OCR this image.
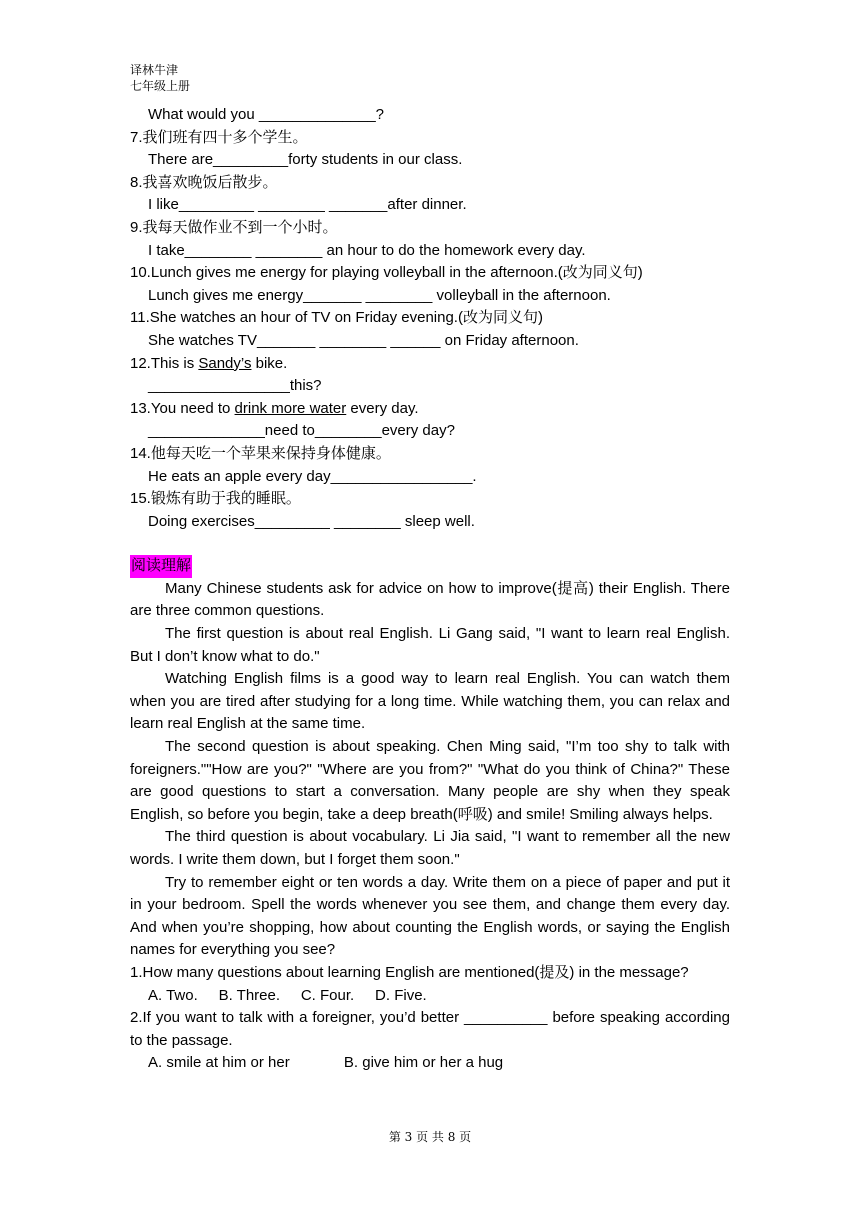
译林牛津
七年级上册
What would you ______________?
7.我们班有四十多个学生。
There are_________forty students in our class.
8.我喜欢晚饭后散步。
I like_________ ________ _______after dinner.
9.我每天做作业不到一个小时。
I take________ ________ an hour to do the homework every day.
10.Lunch gives me energy for playing volleyball in the afternoon.(改为同义句)
Lunch gives me energy_______ ________ volleyball in the afternoon.
11.She watches an hour of TV on Friday evening.(改为同义句)
She watches TV_______ ________ ______ on Friday afternoon.
12.This is Sandy’s bike.
_________________this?
13.You need to drink more water every day.
______________need to________every day?
14.他每天吃一个苹果来保持身体健康。
He eats an apple every day_________________.
15.锻炼有助于我的睡眠。
Doing exercises_________ ________ sleep well.
阅读理解
Many Chinese students ask for advice on how to improve(提高) their English. There are three common questions.
The first question is about real English. Li Gang said, "I want to learn real English. But I don’t know what to do."
Watching English films is a good way to learn real English. You can watch them when you are tired after studying for a long time. While watching them, you can relax and learn real English at the same time.
The second question is about speaking. Chen Ming said, "I’m too shy to talk with foreigners.""How are you?" "Where are you from?" "What do you think of China?" These are good questions to start a conversation. Many people are shy when they speak English, so before you begin, take a deep breath(呼吸) and smile! Smiling always helps.
The third question is about vocabulary. Li Jia said, "I want to remember all the new words. I write them down, but I forget them soon."
Try to remember eight or ten words a day. Write them on a piece of paper and put it in your bedroom. Spell the words whenever you see them, and change them every day. And when you’re shopping, how about counting the English words, or saying the English names for everything you see?
1.How many questions about learning English are mentioned(提及) in the message?
A. Two.     B. Three.     C. Four.     D. Five.
2.If you want to talk with a foreigner, you’d better __________ before speaking according to the passage.
A. smile at him or her             B. give him or her a hug
第 3 页 共 8 页
